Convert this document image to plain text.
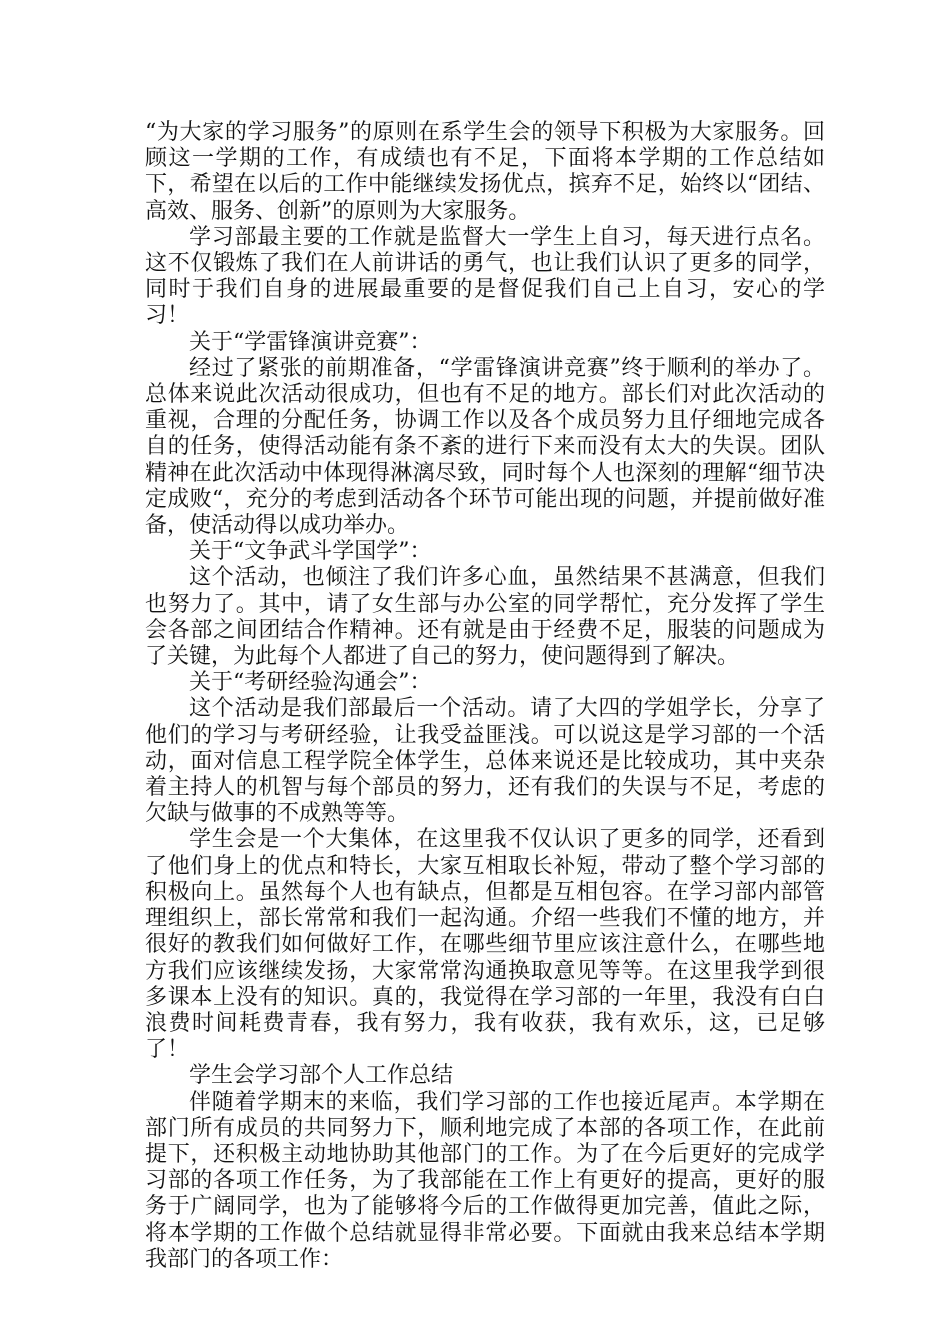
“为大家的学习服务”的原则在系学生会的领导下积极为大家服务。回顾这一学期的工作，有成绩也有不足，下面将本学期的工作总结如下，希望在以后的工作中能继续发扬优点，摈弃不足，始终以“团结、高效、服务、创新”的原则为大家服务。

学习部最主要的工作就是监督大一学生上自习，每天进行点名。这不仅锻炼了我们在人前讲话的勇气，也让我们认识了更多的同学，同时于我们自身的进展最重要的是督促我们自己上自习，安心的学习！

关于“学雷锋演讲竞赛”：

经过了紧张的前期准备，“学雷锋演讲竞赛”终于顺利的举办了。总体来说此次活动很成功，但也有不足的地方。部长们对此次活动的重视，合理的分配任务，协调工作以及各个成员努力且仔细地完成各自的任务，使得活动能有条不紊的进行下来而没有太大的失误。团队精神在此次活动中体现得淋漓尽致，同时每个人也深刻的理解“细节决定成败“，充分的考虑到活动各个环节可能出现的问题，并提前做好准备，使活动得以成功举办。

关于“文争武斗学国学”：

这个活动，也倾注了我们许多心血，虽然结果不甚满意，但我们也努力了。其中，请了女生部与办公室的同学帮忙，充分发挥了学生会各部之间团结合作精神。还有就是由于经费不足，服装的问题成为了关键，为此每个人都进了自己的努力，使问题得到了解决。

关于“考研经验沟通会”：

这个活动是我们部最后一个活动。请了大四的学姐学长，分享了他们的学习与考研经验，让我受益匪浅。可以说这是学习部的一个活动，面对信息工程学院全体学生，总体来说还是比较成功，其中夹杂着主持人的机智与每个部员的努力，还有我们的失误与不足，考虑的欠缺与做事的不成熟等等。

学生会是一个大集体，在这里我不仅认识了更多的同学，还看到了他们身上的优点和特长，大家互相取长补短，带动了整个学习部的积极向上。虽然每个人也有缺点，但都是互相包容。在学习部内部管理组织上，部长常常和我们一起沟通。介绍一些我们不懂的地方，并很好的教我们如何做好工作，在哪些细节里应该注意什么，在哪些地方我们应该继续发扬，大家常常沟通换取意见等等。在这里我学到很多课本上没有的知识。真的，我觉得在学习部的一年里，我没有白白浪费时间耗费青春，我有努力，我有收获，我有欢乐，这，已足够了！

学生会学习部个人工作总结

伴随着学期末的来临，我们学习部的工作也接近尾声。本学期在部门所有成员的共同努力下，顺利地完成了本部的各项工作，在此前提下，还积极主动地协助其他部门的工作。为了在今后更好的完成学习部的各项工作任务，为了我部能在工作上有更好的提高，更好的服务于广阔同学，也为了能够将今后的工作做得更加完善，值此之际，将本学期的工作做个总结就显得非常必要。下面就由我来总结本学期我部门的各项工作：
